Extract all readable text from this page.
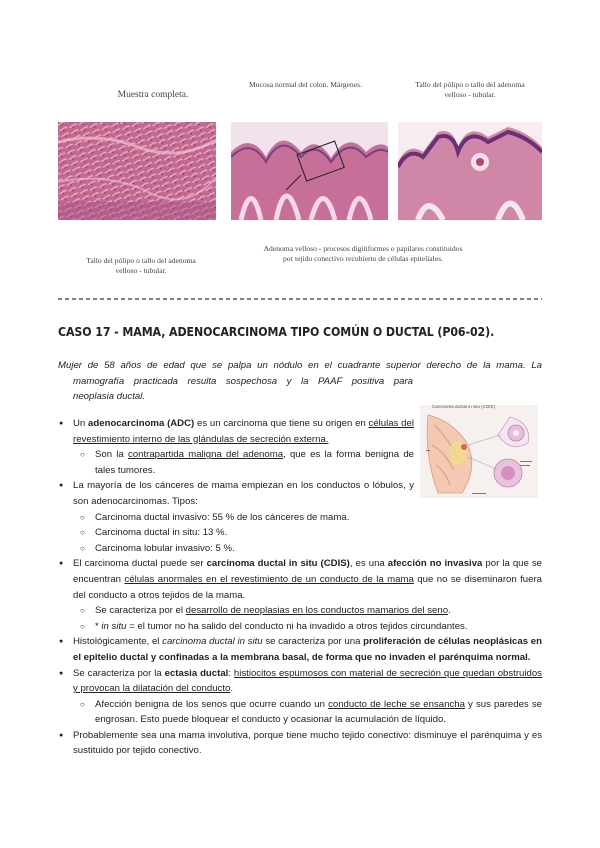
Muestra completa.
Mucosa normal del colon. Márgenes.	Tallo del pólipo o tallo del adenoma velloso - tubular.
Tallo del pólipo o tallo del adenoma velloso - tubular.
Adenoma velloso - procesos digitiformes o papilares constituidos por tejido conectivo recubierto de células epiteliales.
CASO 17 - MAMA, ADENOCARCINOMA TIPO COMÚN O DUCTAL (P06-02).
Mujer de 58 años de edad que se palpa un nódulo en el cuadrante superior derecho de la mama. La
mamografía practicada resulta sospechosa y la PAAF positiva para
neoplasia ductal.
Carcinoma ductal in situ (CDIS)
● Un adenocarcinoma (ADC) es un carcinoma que tiene su origen en células del revestimiento interno de las glándulas de secreción externa.
○ Son la contrapartida maligna del adenoma, que es la forma benigna de tales tumores.
● La mayoría de los cánceres de mama empiezan en los conductos o lóbulos, y son adenocarcinomas. Tipos:
○ Carcinoma ductal invasivo: 55 % de los cánceres de mama.
○ Carcinoma ductal in situ: 13 %.
○ Carcinoma lobular invasivo: 5 %.
● El carcinoma ductal puede ser carcinoma ductal in situ (CDIS), es una afección no invasiva por la que se encuentran células anormales en el revestimiento de un conducto de la mama que no se diseminaron fuera del conducto a otros tejidos de la mama.
○ Se caracteriza por el desarrollo de neoplasias en los conductos mamarios del seno.
○ * in situ = el tumor no ha salido del conducto ni ha invadido a otros tejidos circundantes.
● Histológicamente, el carcinoma ductal in situ se caracteriza por una proliferación de células neoplásicas en el epitelio ductal y confinadas a la membrana basal, de forma que no invaden el parénquima normal.
● Se caracteriza por la ectasia ductal: histiocitos espumosos con material de secreción que quedan obstruidos y provocan la dilatación del conducto.
○ Afección benigna de los senos que ocurre cuando un conducto de leche se ensancha y sus paredes se engrosan. Esto puede bloquear el conducto y ocasionar la acumulación de líquido.
● Probablemente sea una mama involutiva, porque tiene mucho tejido conectivo: disminuye el parénquima y es sustituido por tejido conectivo.
